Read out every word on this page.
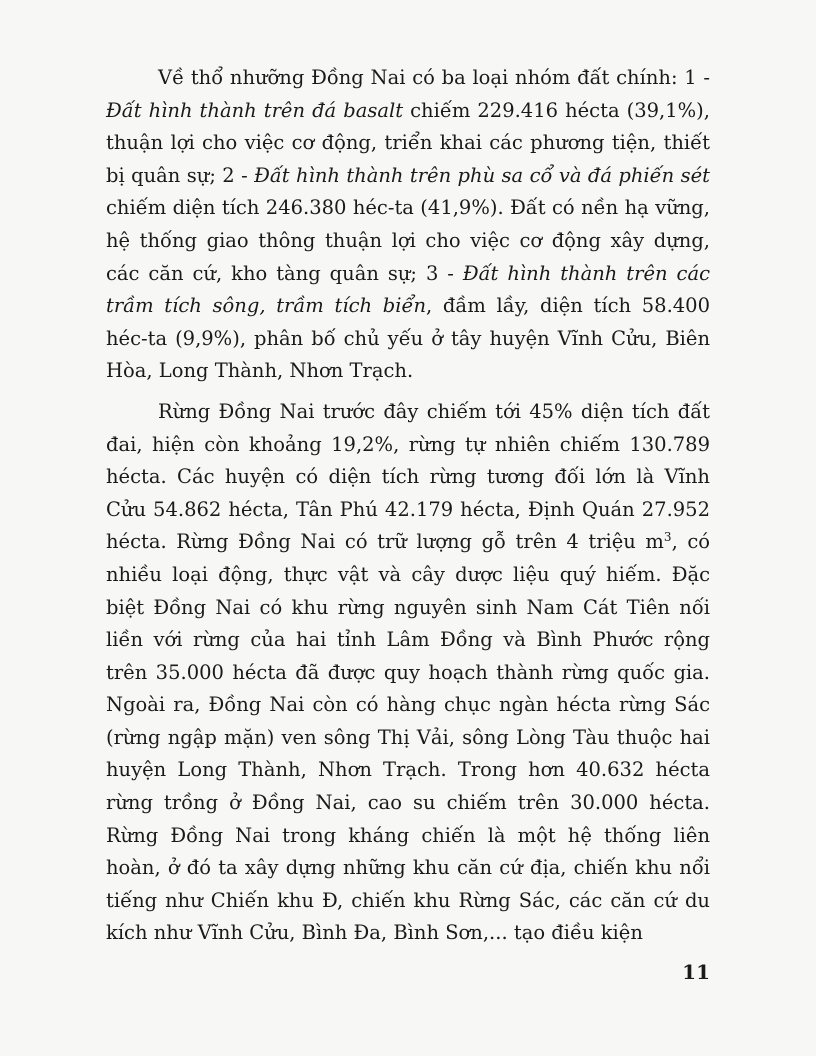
Về thổ nhưỡng Đồng Nai có ba loại nhóm đất chính: 1 - Đất hình thành trên đá basalt chiếm 229.416 hécta (39,1%), thuận lợi cho việc cơ động, triển khai các phương tiện, thiết bị quân sự; 2 - Đất hình thành trên phù sa cổ và đá phiến sét chiếm diện tích 246.380 héc-ta (41,9%). Đất có nền hạ vững, hệ thống giao thông thuận lợi cho việc cơ động xây dựng, các căn cứ, kho tàng quân sự; 3 - Đất hình thành trên các trầm tích sông, trầm tích biển, đầm lầy, diện tích 58.400 héc-ta (9,9%), phân bố chủ yếu ở tây huyện Vĩnh Cửu, Biên Hòa, Long Thành, Nhơn Trạch.

Rừng Đồng Nai trước đây chiếm tới 45% diện tích đất đai, hiện còn khoảng 19,2%, rừng tự nhiên chiếm 130.789 hécta. Các huyện có diện tích rừng tương đối lớn là Vĩnh Cửu 54.862 hécta, Tân Phú 42.179 hécta, Định Quán 27.952 hécta. Rừng Đồng Nai có trữ lượng gỗ trên 4 triệu $m^3$, có nhiều loại động, thực vật và cây dược liệu quý hiếm. Đặc biệt Đồng Nai có khu rừng nguyên sinh Nam Cát Tiên nối liền với rừng của hai tỉnh Lâm Đồng và Bình Phước rộng trên 35.000 hécta đã được quy hoạch thành rừng quốc gia. Ngoài ra, Đồng Nai còn có hàng chục ngàn hécta rừng Sác (rừng ngập mặn) ven sông Thị Vải, sông Lòng Tàu thuộc hai huyện Long Thành, Nhơn Trạch. Trong hơn 40.632 hécta rừng trồng ở Đồng Nai, cao su chiếm trên 30.000 hécta. Rừng Đồng Nai trong kháng chiến là một hệ thống liên hoàn, ở đó ta xây dựng những khu căn cứ địa, chiến khu nổi tiếng như Chiến khu Đ, chiến khu Rừng Sác, các căn cứ du kích như Vĩnh Cửu, Bình Đa, Bình Sơn,... tạo điều kiện

11
